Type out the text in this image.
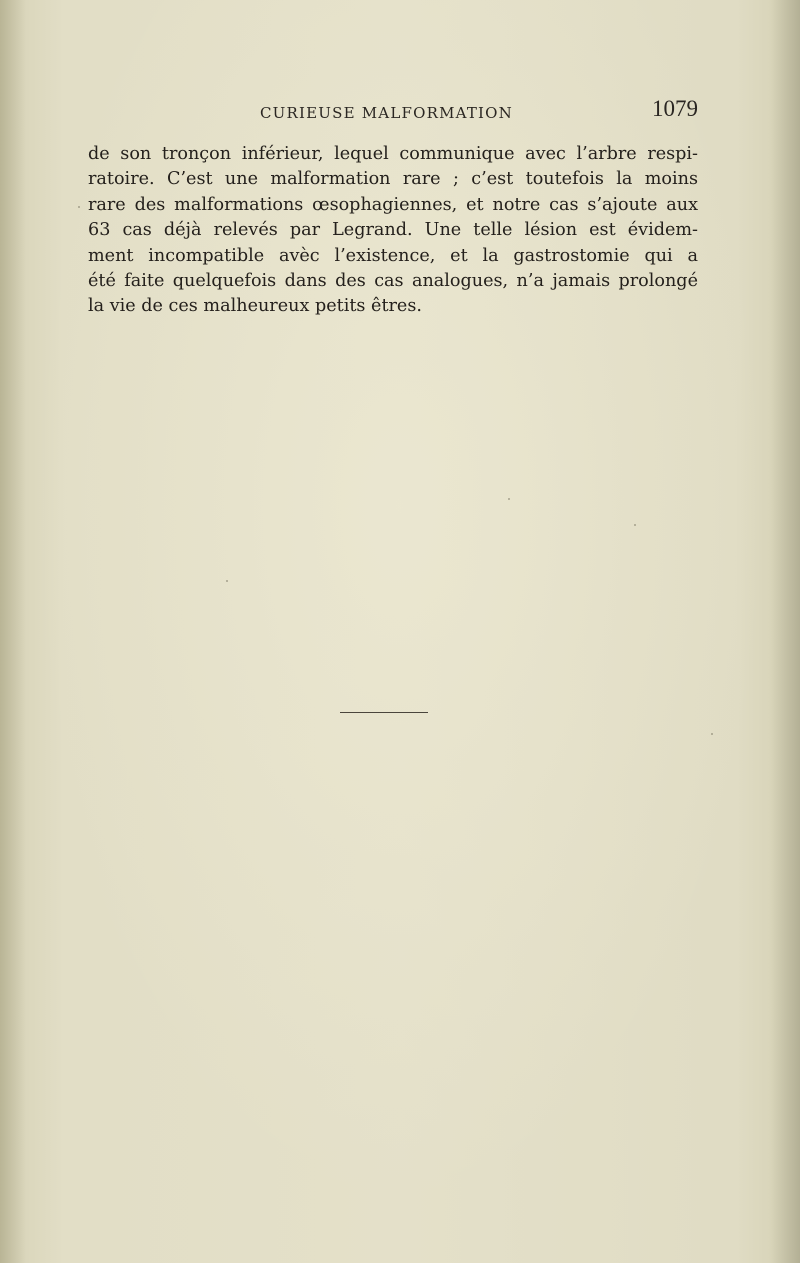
CURIEUSE MALFORMATION	1079
de son tronçon inférieur, lequel communique avec l’arbre respi-
ratoire. C’est une malformation rare ; c’est toutefois la moins
rare des malformations œsophagiennes, et notre cas s’ajoute aux
63 cas déjà relevés par Legrand. Une telle lésion est évidem-
ment incompatible avèc l’existence, et la gastrostomie qui a
été faite quelquefois dans des cas analogues, n’a jamais prolongé
la vie de ces malheureux petits êtres.
